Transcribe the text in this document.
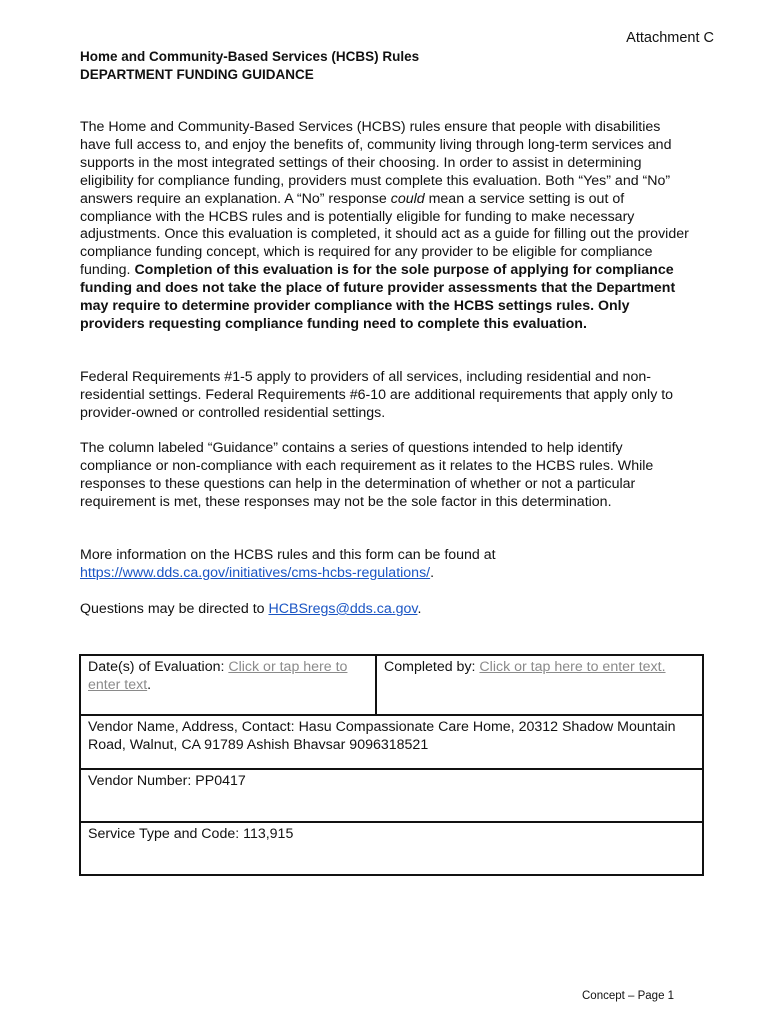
Attachment C
Home and Community-Based Services (HCBS) Rules
DEPARTMENT FUNDING GUIDANCE

The Home and Community-Based Services (HCBS) rules ensure that people with disabilities have full access to, and enjoy the benefits of, community living through long-term services and supports in the most integrated settings of their choosing. In order to assist in determining eligibility for compliance funding, providers must complete this evaluation. Both “Yes” and “No” answers require an explanation. A “No” response could mean a service setting is out of compliance with the HCBS rules and is potentially eligible for funding to make necessary adjustments. Once this evaluation is completed, it should act as a guide for filling out the provider compliance funding concept, which is required for any provider to be eligible for compliance funding. Completion of this evaluation is for the sole purpose of applying for compliance funding and does not take the place of future provider assessments that the Department may require to determine provider compliance with the HCBS settings rules. Only providers requesting compliance funding need to complete this evaluation.

Federal Requirements #1-5 apply to providers of all services, including residential and non-residential settings. Federal Requirements #6-10 are additional requirements that apply only to provider-owned or controlled residential settings.

The column labeled “Guidance” contains a series of questions intended to help identify compliance or non-compliance with each requirement as it relates to the HCBS rules. While responses to these questions can help in the determination of whether or not a particular requirement is met, these responses may not be the sole factor in this determination.

More information on the HCBS rules and this form can be found at https://www.dds.ca.gov/initiatives/cms-hcbs-regulations/.

Questions may be directed to HCBSregs@dds.ca.gov.

Date(s) of Evaluation: Click or tap here to enter text.	Completed by: Click or tap here to enter text.
Vendor Name, Address, Contact: Hasu Compassionate Care Home, 20312 Shadow Mountain Road, Walnut, CA 91789 Ashish Bhavsar 9096318521
Vendor Number: PP0417
Service Type and Code: 113,915
Concept – Page 1
